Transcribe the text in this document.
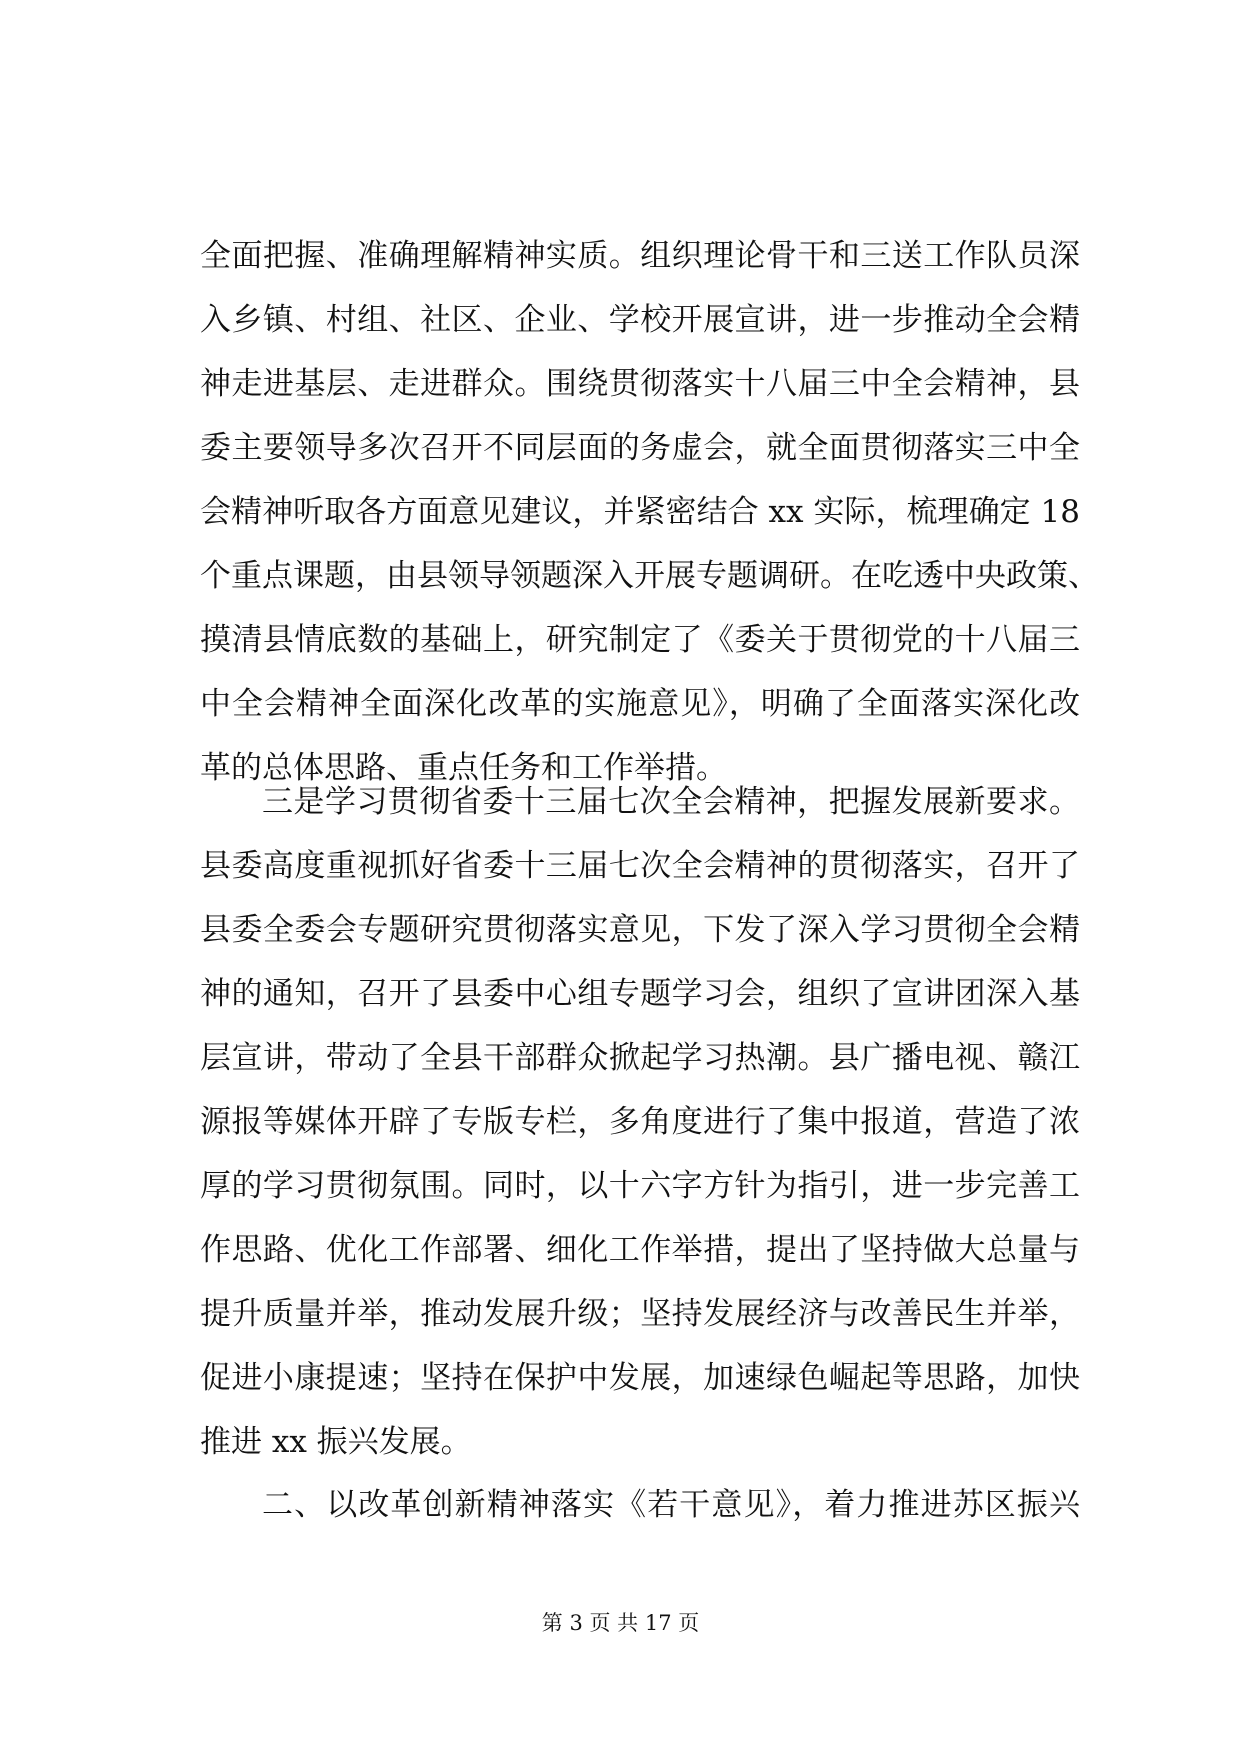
全面把握、准确理解精神实质。组织理论骨干和三送工作队员深
入乡镇、村组、社区、企业、学校开展宣讲，进一步推动全会精
神走进基层、走进群众。围绕贯彻落实十八届三中全会精神，县
委主要领导多次召开不同层面的务虚会，就全面贯彻落实三中全
会精神听取各方面意见建议，并紧密结合 xx 实际，梳理确定 18
个重点课题，由县领导领题深入开展专题调研。在吃透中央政策、
摸清县情底数的基础上，研究制定了《委关于贯彻党的十八届三
中全会精神全面深化改革的实施意见》，明确了全面落实深化改
革的总体思路、重点任务和工作举措。
三是学习贯彻省委十三届七次全会精神，把握发展新要求。
县委高度重视抓好省委十三届七次全会精神的贯彻落实，召开了
县委全委会专题研究贯彻落实意见，下发了深入学习贯彻全会精
神的通知，召开了县委中心组专题学习会，组织了宣讲团深入基
层宣讲，带动了全县干部群众掀起学习热潮。县广播电视、赣江
源报等媒体开辟了专版专栏，多角度进行了集中报道，营造了浓
厚的学习贯彻氛围。同时，以十六字方针为指引，进一步完善工
作思路、优化工作部署、细化工作举措，提出了坚持做大总量与
提升质量并举，推动发展升级；坚持发展经济与改善民生并举，
促进小康提速；坚持在保护中发展，加速绿色崛起等思路，加快
推进 xx 振兴发展。
二、以改革创新精神落实《若干意见》，着力推进苏区振兴
第 3 页 共 17 页
